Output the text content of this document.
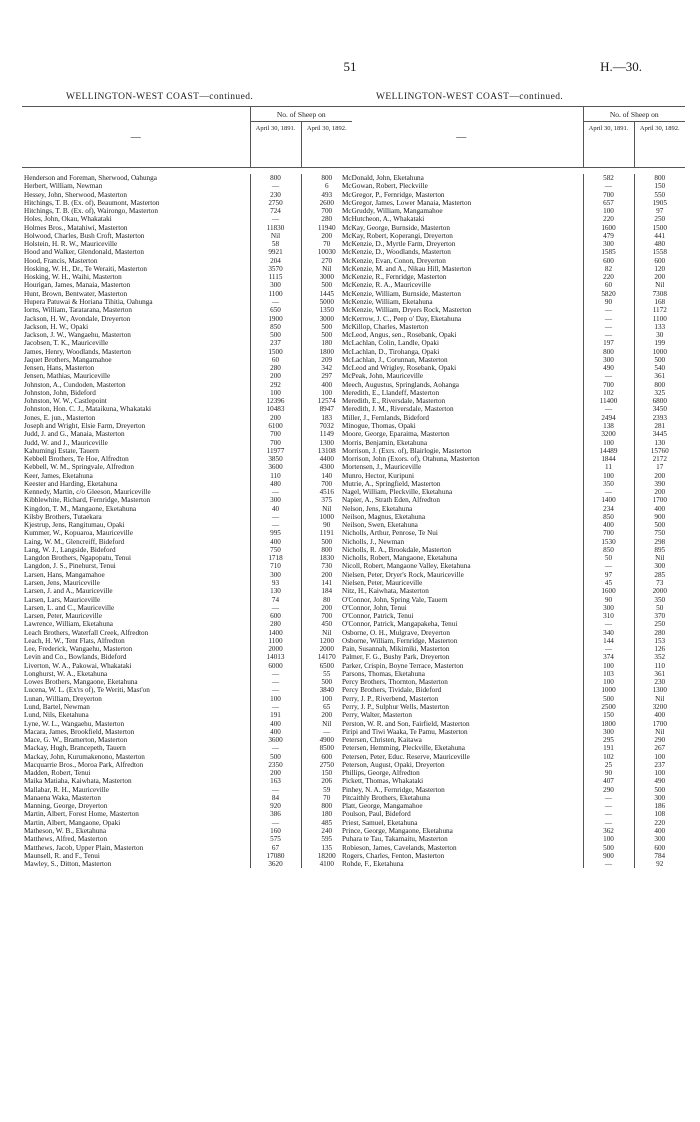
51	H.—30.
WELLINGTON-WEST COAST—continued.	WELLINGTON-WEST COAST—continued.
—	No. of Sheep on	
	April 30, 1891.	April 30, 1892.
Henderson and Foreman, Sherwood, Oahunga	800	800
Herbert, William, Newman	—	6
Hessey, John, Sherwood, Masterton	230	493
Hitchings, T. B. (Ex. of), Beaumont, Masterton	2750	2600
Hitchings, T. B. (Ex. of), Wairongo, Masterton	724	700
Holes, John, Okau, Whakataki	—	280
Holmes Bros., Matahiwi, Masterton	11830	11940
Holwood, Charles, Bush Croft, Masterton	Nil	200
Holstein, H. R. W., Mauriceville	58	70
Hood and Walker, Glendonald, Masterton	9921	10030
Hood, Francis, Masterton	204	270
Hosking, W. H., Dr., Te Weraiti, Masterton	3570	Nil
Hosking, W. H., Waihi, Masterton	1115	3000
Hourigan, James, Manaia, Masterton	300	500
Hunt, Brown, Bentwater, Masterton	1100	1445
Hupera Patuwai & Horiana Tihitia, Oahunga	—	5000
Iorns, William, Taratarana, Masterton	650	1350
Jackson, H. W., Avondale, Dreyerton	1900	3000
Jackson, H. W., Opaki	850	500
Jackson, J. W., Wangaehu, Masterton	500	500
Jacobsen, T. K., Mauriceville	237	180
James, Henry, Woodlands, Masterton	1500	1800
Jaquet Brothers, Mangamahoe	60	209
Jensen, Hans, Masterton	280	342
Jensen, Mathias, Mauriceville	200	297
Johnston, A., Cundoden, Masterton	292	400
Johnston, John, Bideford	100	100
Johnston, W. W., Castlepoint	12396	12574
Johnston, Hon. C. J., Mataikuna, Whakataki	10483	8947
Jones, E. jun., Masterton	200	183
Joseph and Wright, Elsie Farm, Dreyerton	6100	7032
Judd, J. and G., Manaia, Masterton	700	1149
Judd, W. and J., Mauriceville	700	1300
Kahumingi Estate, Tauern	11977	13108
Kebbell Brothers, Te Hoe, Alfredton	3850	4400
Kebbell, W. M., Springvale, Alfredton	3600	4300
Keer, James, Eketahuna	110	140
Keester and Harding, Eketahuna	480	700
Kennedy, Martin, c/o Gleeson, Mauriceville	—	4516
Kibblewhite, Richard, Fernridge, Masterton	300	375
Kingdon, T. M., Mangaone, Eketahuna	40	Nil
Kilsby Brothers, Tutaekara	—	1000
Kjestrup, Jens, Rangitumau, Opaki	—	90
Kummer, W., Kopuaroa, Mauriceville	995	1191
Laing, W. M., Glencreiff, Bideford	400	500
Lang, W. J., Langside, Bideford	750	800
Langdon Brothers, Ngapopatu, Tenui	1718	1830
Langdon, J. S., Pinehurst, Tenui	710	730
Larsen, Hans, Mangamahoe	300	200
Larsen, Jens, Mauriceville	93	141
Larsen, J. and A., Mauriceville	130	184
Larsen, Lars, Mauriceville	74	80
Larsen, L. and C., Mauriceville	—	200
Larsen, Peter, Mauriceville	600	700
Lawrence, William, Eketahuna	280	450
Leach Brothers, Waterfall Creek, Alfredton	1400	Nil
Leach, H. W., Tent Flats, Alfredton	1100	1200
Lee, Frederick, Wangaehu, Masterton	2000	2000
Levin and Co., Bowlands, Bideford	14013	14170
Liverton, W. A., Pakowai, Whakataki	6000	6500
Longhurst, W. A., Eketahuna	—	55
Lowes Brothers, Mangaone, Eketahuna	—	500
Lucena, W. L. (Ex'rs of), Te Weriti, Mast'on	—	3840
Lunan, William, Dreyerton	100	100
Lund, Bartel, Newman	—	65
Lund, Nils, Eketahuna	191	200
Lyne, W. L., Wangaehu, Masterton	400	Nil
Macara, James, Brookfield, Masterton	400	—
Mace, G. W., Bramerton, Masterton	3600	4900
Mackay, Hugh, Brancepeth, Tauern	—	8500
Mackay, John, Kurumakenono, Masterton	500	600
Macquarrie Bros., Moroa Park, Alfredton	2350	2750
Madden, Robert, Tenui	200	150
Maika Matiaha, Kaiwhata, Masterton	163	206
Mallabar, R. H., Mauriceville	—	59
Manaena Waka, Masterton	84	70
Manning, George, Dreyerton	920	800
Martin, Albert, Forest Home, Masterton	386	180
Martin, Albert, Mangaone, Opaki	—	485
Matheson, W. B., Eketahuna	160	240
Matthews, Alfred, Masterton	575	595
Matthews, Jacob, Upper Plain, Masterton	67	135
Maunsell, R. and F., Tenui	17080	18200
Mawley, S., Ditton, Masterton	3620	4100
—	No. of Sheep on	
	April 30, 1891.	April 30, 1892.
McDonald, John, Eketahuna	582	800
McGowan, Robert, Pleckville	—	150
McGregor, P., Fernridge, Masterton	700	550
McGregor, James, Lower Manaia, Masterton	657	1905
McGruddy, William, Mangamahoe	100	97
McHutcheon, A., Whakataki	220	250
McKay, George, Burnside, Masterton	1600	1500
McKay, Robert, Koperangi, Dreyerton	479	441
McKenzie, D., Myrtle Farm, Dreyerton	300	480
McKenzie, D., Woodlands, Masterton	1585	1558
McKenzie, Evan, Conon, Dreyerton	600	600
McKenzie, M. and A., Nikau Hill, Masterton	82	120
McKenzie, R., Fernridge, Masterton	220	200
McKenzie, R. A., Mauriceville	60	Nil
McKenzie, William, Burnside, Masterton	5820	7308
McKenzie, William, Eketahuna	90	168
McKenzie, William, Dryers Rock, Masterton	—	1172
McKerrow, J. C., Peep o' Day, Eketahuna	—	1100
McKillop, Charles, Masterton	—	133
McLeod, Angus, sen., Rosebank, Opaki	—	30
McLachlan, Colin, Landle, Opaki	197	199
McLachlan, D., Tirohanga, Opaki	800	1000
McLachlan, J., Corunnan, Masterton	300	500
McLeod and Wrigley, Rosebank, Opaki	490	540
McPeak, John, Mauriceville	—	361
Meech, Augustus, Springlands, Aohanga	700	800
Meredith, E., Llandeff, Masterton	102	325
Meredith, E., Riversdale, Masterton	11400	6800
Meredith, J. M., Riversdale, Masterton	—	3450
Miller, J., Fernlands, Bideford	2494	2393
Minogue, Thomas, Opaki	138	281
Moore, George, Eparaima, Masterton	3200	3445
Morris, Benjamin, Eketahuna	100	130
Morrison, J. (Exrs. of), Blairlogie, Masterton	14489	15760
Morrison, John (Exors. of), Otahuna, Masterton	1844	2172
Mortensen, J., Mauriceville	11	17
Munro, Hector, Kuripuni	100	200
Mutrie, A., Springfield, Masterton	350	390
Nagel, William, Pleckville, Eketahuna	—	200
Napier, A., Strath Eden, Alfredton	1400	1700
Nelson, Jens, Eketahuna	234	400
Neilson, Magnus, Eketahuna	850	900
Neilson, Swen, Eketahuna	400	500
Nicholls, Arthur, Penrose, Te Nui	700	750
Nicholls, J., Newman	1530	298
Nicholls, R. A., Brookdale, Masterton	850	895
Nicholls, Robert, Mangaone, Eketahuna	50	Nil
Nicoll, Robert, Mangaone Valley, Eketahuna	—	300
Nielsen, Peter, Dryer's Rock, Mauriceville	97	285
Nielsen, Peter, Mauriceville	45	73
Nitz, H., Kaiwhata, Masterton	1600	2000
O'Connor, John, Spring Vale, Tauern	90	350
O'Connor, John, Tenui	300	50
O'Connor, Patrick, Tenui	310	370
O'Connor, Patrick, Mangapakeha, Tenui	—	250
Osborne, O. H., Mulgrave, Dreyerton	340	280
Osborne, William, Fernridge, Masterton	144	153
Pain, Susannah, Mikimiki, Masterton	—	126
Palmer, F. G., Bushy Park, Dreyerton	374	352
Parker, Crispin, Boyne Terrace, Masterton	100	110
Parsons, Thomas, Eketahuna	103	361
Percy Brothers, Thornton, Masterton	100	230
Percy Brothers, Tividale, Bideford	1000	1300
Perry, J. P., Riverbend, Masterton	500	Nil
Perry, J. P., Sulphur Wells, Masterton	2500	3200
Perry, Walter, Masterton	150	400
Perston, W. R. and Son, Fairfield, Masterton	1800	1700
Piripi and Tiwi Waaka, Te Pamu, Masterton	300	Nil
Petersen, Christen, Kaitawa	295	290
Petersen, Hemming, Pleckville, Eketahuna	191	267
Petersen, Peter, Educ. Reserve, Mauriceville	102	100
Peterson, August, Opaki, Dreyerton	25	237
Phillips, George, Alfredton	90	100
Pickett, Thomas, Whakataki	407	490
Pinhey, N. A., Fernridge, Masterton	290	500
Pitcaithly Brothers, Eketahuna	—	300
Platt, George, Mangamahoe	—	186
Poulson, Paul, Bideford	—	108
Priest, Samuel, Eketahuna	—	220
Prince, George, Mangaone, Eketahuna	362	400
Puhara te Tau, Takamaitu, Masterton	100	300
Robieson, James, Cavelands, Masterton	500	600
Rogers, Charles, Fenton, Masterton	900	784
Rohde, F., Eketahuna	—	92
